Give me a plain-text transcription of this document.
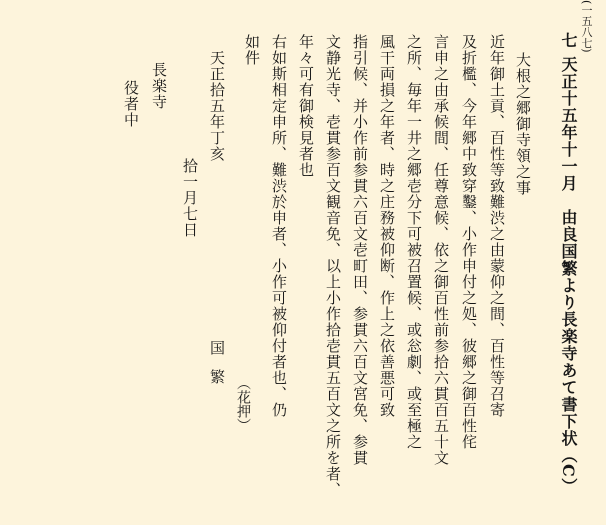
(一五八七)
七
天正十五年十一月　由良国繁より長楽寺あて書下状（C）
大根之郷御寺領之事
近年御土貢、百性等致難渋之由蒙仰之間、百性等召寄
及折檻、今年郷中致穿鑿、小作申付之処、彼郷之御百性侘
言申之由承候間、任尊意候、依之御百性前参拾六貫百五十文
之所、毎年一井之郷壱分下可被召置候、或忩劇、或至極之
風干両損之年者、時之庄務被仰断、作上之依善悪可致
指引候、并小作前参貫六百文壱町田、参貫六百文宮免、参貫
文静光寺、壱貫参百文観音免、以上小作拾壱貫五百文之所を者、
年々可有御検見者也
右如斯相定申所、難渋於申者、小作可被仰付者也、仍
如件
天正拾五年丁亥
拾一月七日
国繁
（花押）
長楽寺
役者中
